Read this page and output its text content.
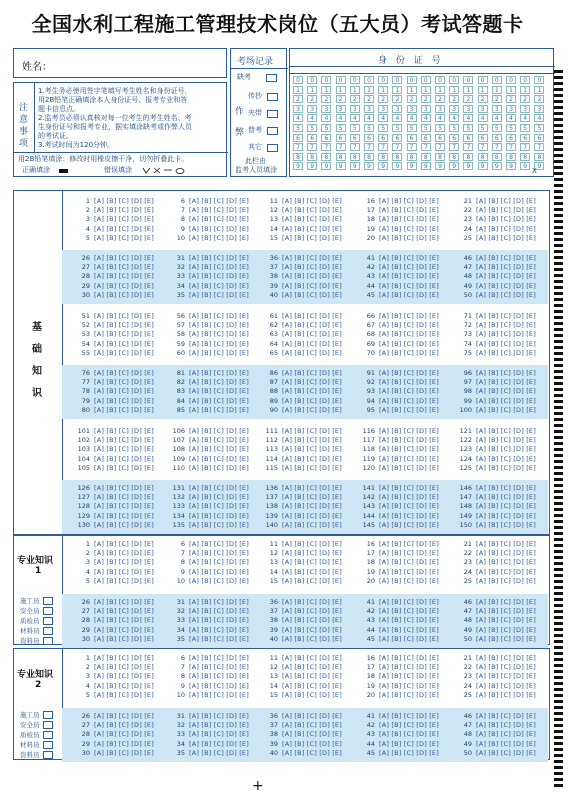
全国水利工程施工管理技术岗位（五大员）考试答题卡
姓名：
注
意
事
项
1.考生务必使用签字笔填写考生姓名和身份证号，
用2B铅笔正确填涂本人身份证号、报考专业和答
题卡信息点。
2.监考员必须认真核对每一位考生的考生姓名、考
生身份证号和报考专业，据实填涂缺考或作弊人员
的考试证。
3.考试时间为120分钟。
用2B铅笔填涂：修改时用橡皮擦干净，切勿折叠此卡。
正确填涂	错误填涂
考场记录
缺考
作
弊
传抄
夹带
替考
其它
此栏由
监考人员填涂
身 份 证 号
0
1
2
3
4
5
6
7
8
9
0
1
2
3
4
5
6
7
8
9
0
1
2
3
4
5
6
7
8
9
0
1
2
3
4
5
6
7
8
9
0
1
2
3
4
5
6
7
8
9
0
1
2
3
4
5
6
7
8
9
0
1
2
3
4
5
6
7
8
9
0
1
2
3
4
5
6
7
8
9
0
1
2
3
4
5
6
7
8
9
0
1
2
3
4
5
6
7
8
9
0
1
2
3
4
5
6
7
8
9
0
1
2
3
4
5
6
7
8
9
0
1
2
3
4
5
6
7
8
9
0
1
2
3
4
5
6
7
8
9
0
1
2
3
4
5
6
7
8
9
0
1
2
3
4
5
6
7
8
9
0
1
2
3
4
5
6
7
8
9
0
1
2
3
4
5
6
7
8
9
X
基
础
知
识
专业知识
1
施工员
安全员
质检员
材料员
资料员
专业知识
2
施工员
安全员
质检员
材料员
资料员
1 [A] [B] [C] [D] [E]
2 [A] [B] [C] [D] [E]
3 [A] [B] [C] [D] [E]
4 [A] [B] [C] [D] [E]
5 [A] [B] [C] [D] [E]
6 [A] [B] [C] [D] [E]
7 [A] [B] [C] [D] [E]
8 [A] [B] [C] [D] [E]
9 [A] [B] [C] [D] [E]
10 [A] [B] [C] [D] [E]
11 [A] [B] [C] [D] [E]
12 [A] [B] [C] [D] [E]
13 [A] [B] [C] [D] [E]
14 [A] [B] [C] [D] [E]
15 [A] [B] [C] [D] [E]
16 [A] [B] [C] [D] [E]
17 [A] [B] [C] [D] [E]
18 [A] [B] [C] [D] [E]
19 [A] [B] [C] [D] [E]
20 [A] [B] [C] [D] [E]
21 [A] [B] [C] [D] [E]
22 [A] [B] [C] [D] [E]
23 [A] [B] [C] [D] [E]
24 [A] [B] [C] [D] [E]
25 [A] [B] [C] [D] [E]
26 [A] [B] [C] [D] [E]
27 [A] [B] [C] [D] [E]
28 [A] [B] [C] [D] [E]
29 [A] [B] [C] [D] [E]
30 [A] [B] [C] [D] [E]
31 [A] [B] [C] [D] [E]
32 [A] [B] [C] [D] [E]
33 [A] [B] [C] [D] [E]
34 [A] [B] [C] [D] [E]
35 [A] [B] [C] [D] [E]
36 [A] [B] [C] [D] [E]
37 [A] [B] [C] [D] [E]
38 [A] [B] [C] [D] [E]
39 [A] [B] [C] [D] [E]
40 [A] [B] [C] [D] [E]
41 [A] [B] [C] [D] [E]
42 [A] [B] [C] [D] [E]
43 [A] [B] [C] [D] [E]
44 [A] [B] [C] [D] [E]
45 [A] [B] [C] [D] [E]
46 [A] [B] [C] [D] [E]
47 [A] [B] [C] [D] [E]
48 [A] [B] [C] [D] [E]
49 [A] [B] [C] [D] [E]
50 [A] [B] [C] [D] [E]
51 [A] [B] [C] [D] [E]
52 [A] [B] [C] [D] [E]
53 [A] [B] [C] [D] [E]
54 [A] [B] [C] [D] [E]
55 [A] [B] [C] [D] [E]
56 [A] [B] [C] [D] [E]
57 [A] [B] [C] [D] [E]
58 [A] [B] [C] [D] [E]
59 [A] [B] [C] [D] [E]
60 [A] [B] [C] [D] [E]
61 [A] [B] [C] [D] [E]
62 [A] [B] [C] [D] [E]
63 [A] [B] [C] [D] [E]
64 [A] [B] [C] [D] [E]
65 [A] [B] [C] [D] [E]
66 [A] [B] [C] [D] [E]
67 [A] [B] [C] [D] [E]
68 [A] [B] [C] [D] [E]
69 [A] [B] [C] [D] [E]
70 [A] [B] [C] [D] [E]
71 [A] [B] [C] [D] [E]
72 [A] [B] [C] [D] [E]
73 [A] [B] [C] [D] [E]
74 [A] [B] [C] [D] [E]
75 [A] [B] [C] [D] [E]
76 [A] [B] [C] [D] [E]
77 [A] [B] [C] [D] [E]
78 [A] [B] [C] [D] [E]
79 [A] [B] [C] [D] [E]
80 [A] [B] [C] [D] [E]
81 [A] [B] [C] [D] [E]
82 [A] [B] [C] [D] [E]
83 [A] [B] [C] [D] [E]
84 [A] [B] [C] [D] [E]
85 [A] [B] [C] [D] [E]
86 [A] [B] [C] [D] [E]
87 [A] [B] [C] [D] [E]
88 [A] [B] [C] [D] [E]
89 [A] [B] [C] [D] [E]
90 [A] [B] [C] [D] [E]
91 [A] [B] [C] [D] [E]
92 [A] [B] [C] [D] [E]
93 [A] [B] [C] [D] [E]
94 [A] [B] [C] [D] [E]
95 [A] [B] [C] [D] [E]
96 [A] [B] [C] [D] [E]
97 [A] [B] [C] [D] [E]
98 [A] [B] [C] [D] [E]
99 [A] [B] [C] [D] [E]
100 [A] [B] [C] [D] [E]
101 [A] [B] [C] [D] [E]
102 [A] [B] [C] [D] [E]
103 [A] [B] [C] [D] [E]
104 [A] [B] [C] [D] [E]
105 [A] [B] [C] [D] [E]
106 [A] [B] [C] [D] [E]
107 [A] [B] [C] [D] [E]
108 [A] [B] [C] [D] [E]
109 [A] [B] [C] [D] [E]
110 [A] [B] [C] [D] [E]
111 [A] [B] [C] [D] [E]
112 [A] [B] [C] [D] [E]
113 [A] [B] [C] [D] [E]
114 [A] [B] [C] [D] [E]
115 [A] [B] [C] [D] [E]
116 [A] [B] [C] [D] [E]
117 [A] [B] [C] [D] [E]
118 [A] [B] [C] [D] [E]
119 [A] [B] [C] [D] [E]
120 [A] [B] [C] [D] [E]
121 [A] [B] [C] [D] [E]
122 [A] [B] [C] [D] [E]
123 [A] [B] [C] [D] [E]
124 [A] [B] [C] [D] [E]
125 [A] [B] [C] [D] [E]
126 [A] [B] [C] [D] [E]
127 [A] [B] [C] [D] [E]
128 [A] [B] [C] [D] [E]
129 [A] [B] [C] [D] [E]
130 [A] [B] [C] [D] [E]
131 [A] [B] [C] [D] [E]
132 [A] [B] [C] [D] [E]
133 [A] [B] [C] [D] [E]
134 [A] [B] [C] [D] [E]
135 [A] [B] [C] [D] [E]
136 [A] [B] [C] [D] [E]
137 [A] [B] [C] [D] [E]
138 [A] [B] [C] [D] [E]
139 [A] [B] [C] [D] [E]
140 [A] [B] [C] [D] [E]
141 [A] [B] [C] [D] [E]
142 [A] [B] [C] [D] [E]
143 [A] [B] [C] [D] [E]
144 [A] [B] [C] [D] [E]
145 [A] [B] [C] [D] [E]
146 [A] [B] [C] [D] [E]
147 [A] [B] [C] [D] [E]
148 [A] [B] [C] [D] [E]
149 [A] [B] [C] [D] [E]
150 [A] [B] [C] [D] [E]
1 [A] [B] [C] [D] [E]
2 [A] [B] [C] [D] [E]
3 [A] [B] [C] [D] [E]
4 [A] [B] [C] [D] [E]
5 [A] [B] [C] [D] [E]
6 [A] [B] [C] [D] [E]
7 [A] [B] [C] [D] [E]
8 [A] [B] [C] [D] [E]
9 [A] [B] [C] [D] [E]
10 [A] [B] [C] [D] [E]
11 [A] [B] [C] [D] [E]
12 [A] [B] [C] [D] [E]
13 [A] [B] [C] [D] [E]
14 [A] [B] [C] [D] [E]
15 [A] [B] [C] [D] [E]
16 [A] [B] [C] [D] [E]
17 [A] [B] [C] [D] [E]
18 [A] [B] [C] [D] [E]
19 [A] [B] [C] [D] [E]
20 [A] [B] [C] [D] [E]
21 [A] [B] [C] [D] [E]
22 [A] [B] [C] [D] [E]
23 [A] [B] [C] [D] [E]
24 [A] [B] [C] [D] [E]
25 [A] [B] [C] [D] [E]
26 [A] [B] [C] [D] [E]
27 [A] [B] [C] [D] [E]
28 [A] [B] [C] [D] [E]
29 [A] [B] [C] [D] [E]
30 [A] [B] [C] [D] [E]
31 [A] [B] [C] [D] [E]
32 [A] [B] [C] [D] [E]
33 [A] [B] [C] [D] [E]
34 [A] [B] [C] [D] [E]
35 [A] [B] [C] [D] [E]
36 [A] [B] [C] [D] [E]
37 [A] [B] [C] [D] [E]
38 [A] [B] [C] [D] [E]
39 [A] [B] [C] [D] [E]
40 [A] [B] [C] [D] [E]
41 [A] [B] [C] [D] [E]
42 [A] [B] [C] [D] [E]
43 [A] [B] [C] [D] [E]
44 [A] [B] [C] [D] [E]
45 [A] [B] [C] [D] [E]
46 [A] [B] [C] [D] [E]
47 [A] [B] [C] [D] [E]
48 [A] [B] [C] [D] [E]
49 [A] [B] [C] [D] [E]
50 [A] [B] [C] [D] [E]
1 [A] [B] [C] [D] [E]
2 [A] [B] [C] [D] [E]
3 [A] [B] [C] [D] [E]
4 [A] [B] [C] [D] [E]
5 [A] [B] [C] [D] [E]
6 [A] [B] [C] [D] [E]
7 [A] [B] [C] [D] [E]
8 [A] [B] [C] [D] [E]
9 [A] [B] [C] [D] [E]
10 [A] [B] [C] [D] [E]
11 [A] [B] [C] [D] [E]
12 [A] [B] [C] [D] [E]
13 [A] [B] [C] [D] [E]
14 [A] [B] [C] [D] [E]
15 [A] [B] [C] [D] [E]
16 [A] [B] [C] [D] [E]
17 [A] [B] [C] [D] [E]
18 [A] [B] [C] [D] [E]
19 [A] [B] [C] [D] [E]
20 [A] [B] [C] [D] [E]
21 [A] [B] [C] [D] [E]
22 [A] [B] [C] [D] [E]
23 [A] [B] [C] [D] [E]
24 [A] [B] [C] [D] [E]
25 [A] [B] [C] [D] [E]
26 [A] [B] [C] [D] [E]
27 [A] [B] [C] [D] [E]
28 [A] [B] [C] [D] [E]
29 [A] [B] [C] [D] [E]
30 [A] [B] [C] [D] [E]
31 [A] [B] [C] [D] [E]
32 [A] [B] [C] [D] [E]
33 [A] [B] [C] [D] [E]
34 [A] [B] [C] [D] [E]
35 [A] [B] [C] [D] [E]
36 [A] [B] [C] [D] [E]
37 [A] [B] [C] [D] [E]
38 [A] [B] [C] [D] [E]
39 [A] [B] [C] [D] [E]
40 [A] [B] [C] [D] [E]
41 [A] [B] [C] [D] [E]
42 [A] [B] [C] [D] [E]
43 [A] [B] [C] [D] [E]
44 [A] [B] [C] [D] [E]
45 [A] [B] [C] [D] [E]
46 [A] [B] [C] [D] [E]
47 [A] [B] [C] [D] [E]
48 [A] [B] [C] [D] [E]
49 [A] [B] [C] [D] [E]
50 [A] [B] [C] [D] [E]
+
